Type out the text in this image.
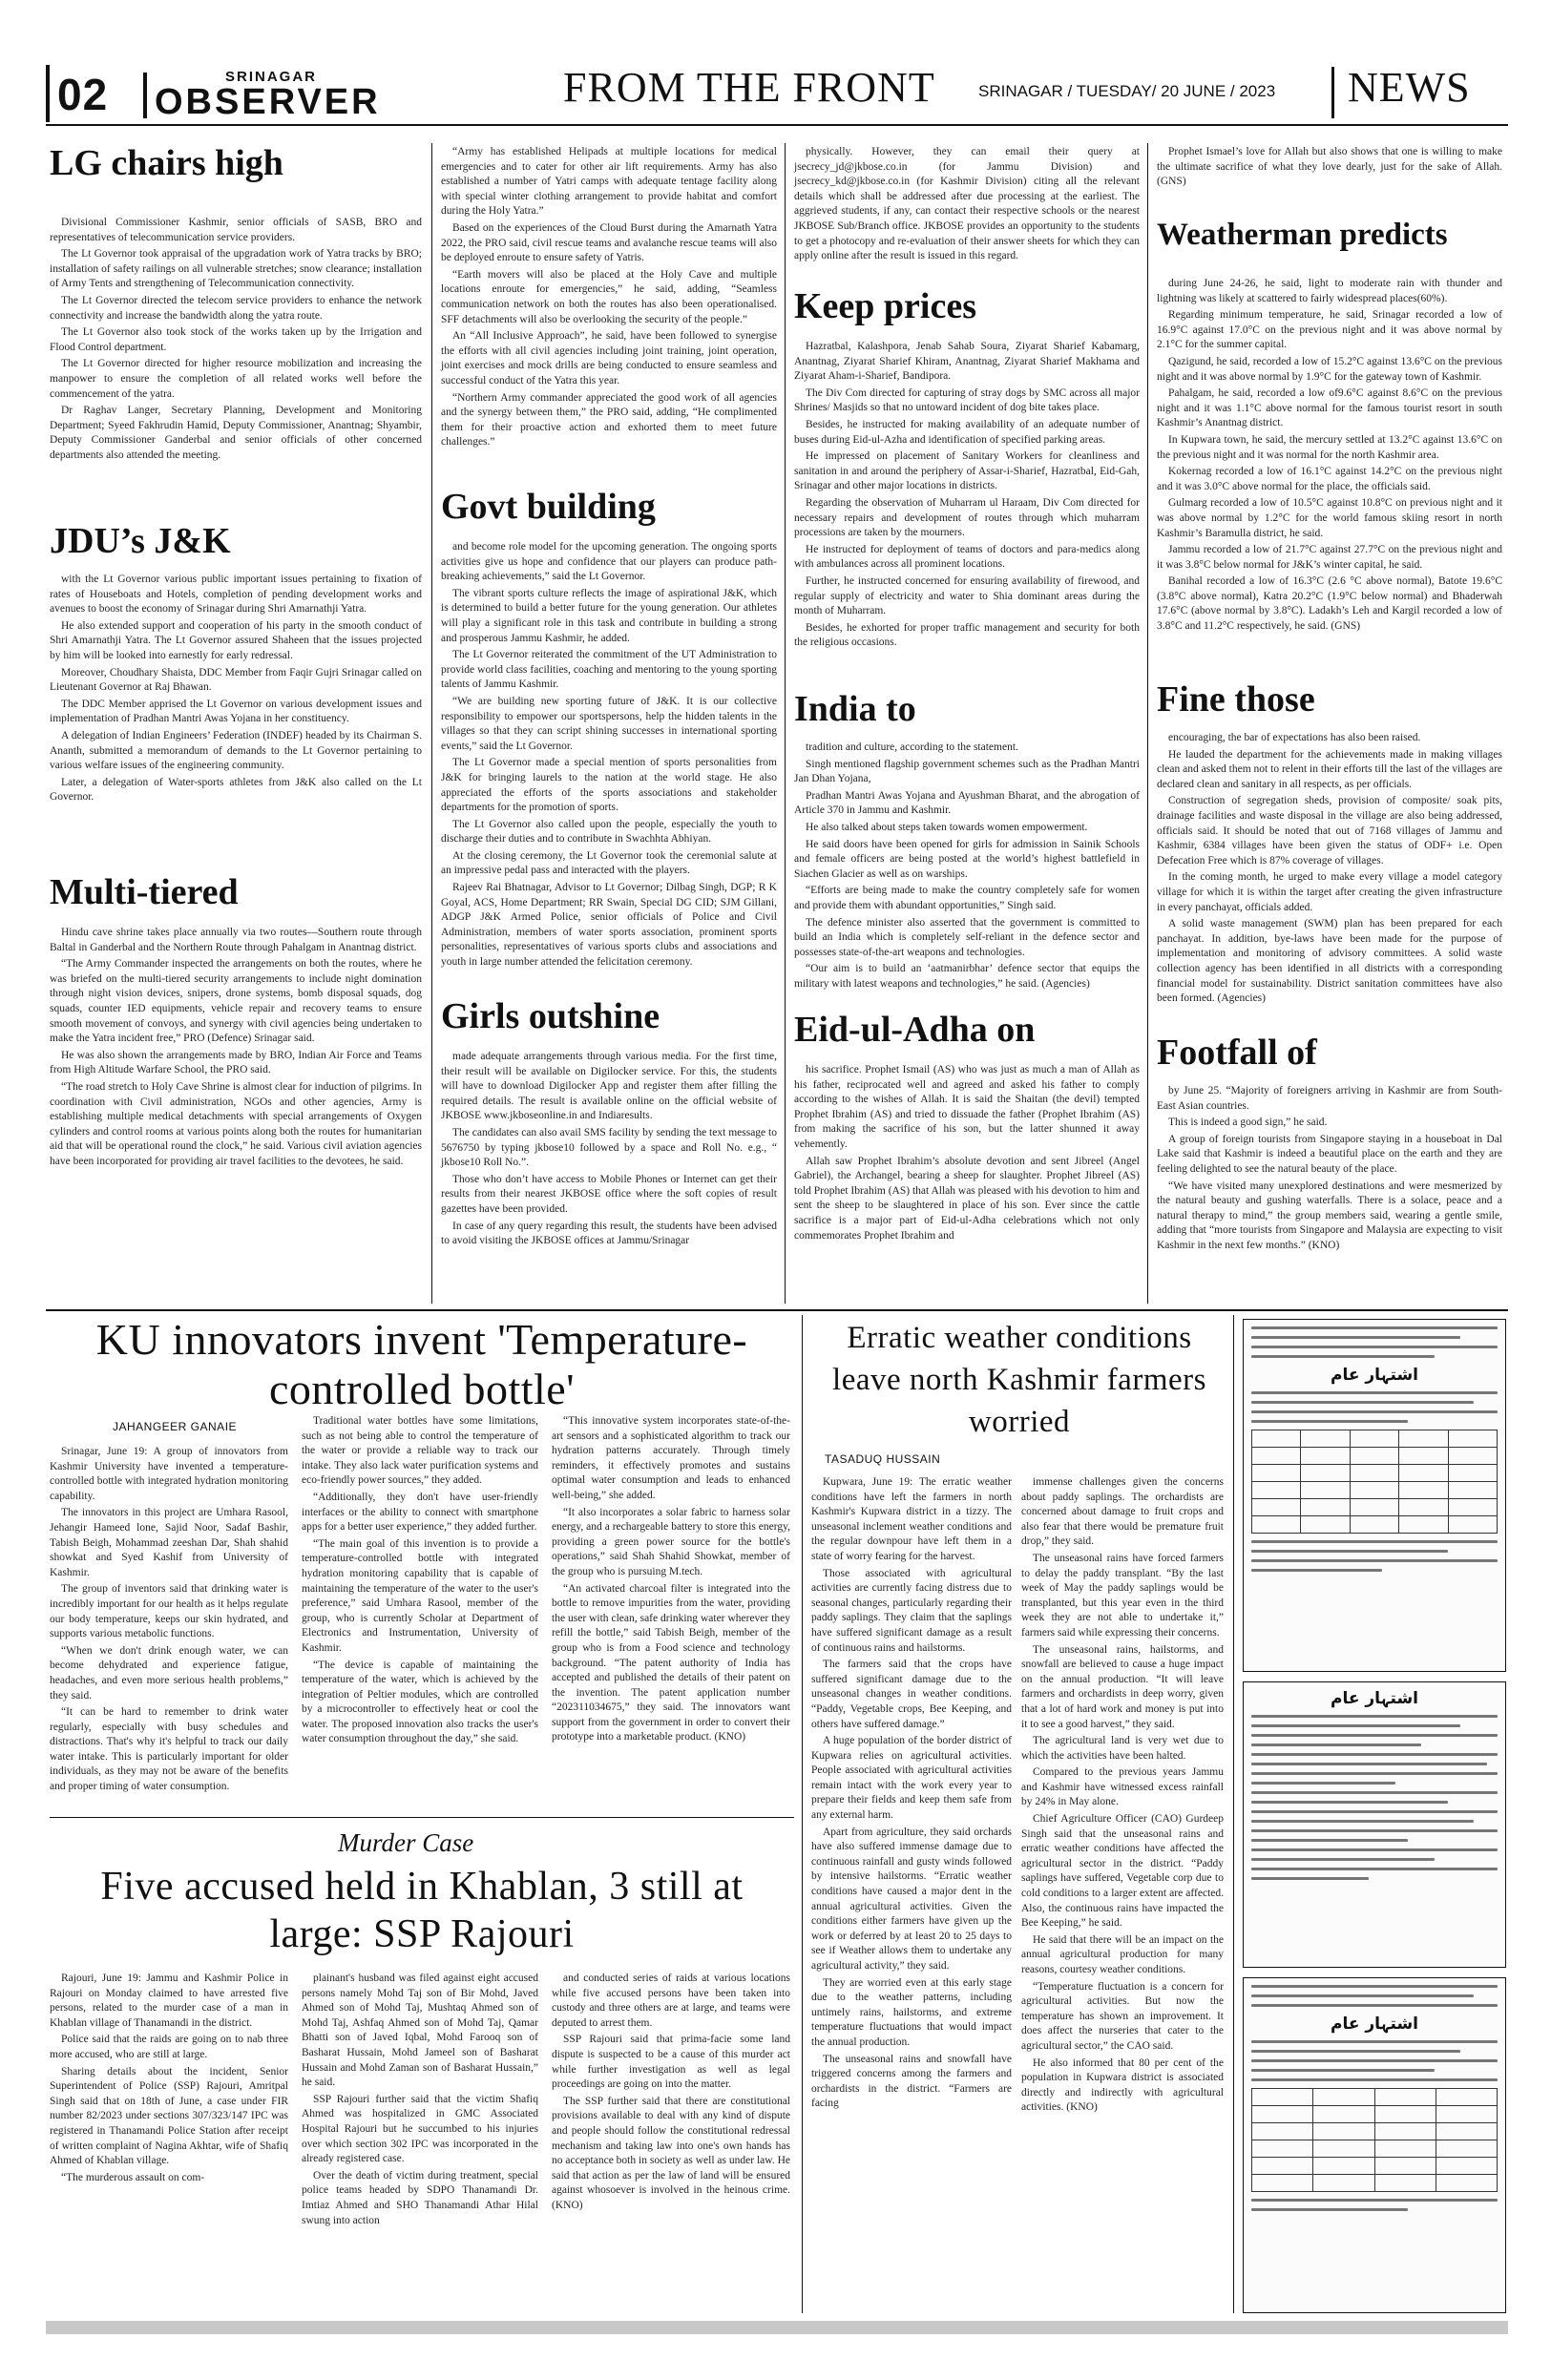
02	SRINAGAR
OBSERVER	FROM THE FRONT	SRINAGAR / TUESDAY/ 20 JUNE / 2023 NEWS
LG chairs high

Divisional Commissioner Kashmir, senior officials of SASB, BRO and representatives of telecommunication service providers.

The Lt Governor took appraisal of the upgradation work of Yatra tracks by BRO; installation of safety railings on all vulnerable stretches; snow clearance; installation of Army Tents and strengthening of Telecommunication connectivity.

The Lt Governor directed the telecom service providers to enhance the network connectivity and increase the bandwidth along the yatra route.

The Lt Governor also took stock of the works taken up by the Irrigation and Flood Control department.

The Lt Governor directed for higher resource mobilization and increasing the manpower to ensure the completion of all related works well before the commencement of the yatra.

Dr Raghav Langer, Secretary Planning, Development and Monitoring Department; Syeed Fakhrudin Hamid, Deputy Commissioner, Anantnag; Shyambir, Deputy Commissioner Ganderbal and senior officials of other concerned departments also attended the meeting.

JDU’s J&K

with the Lt Governor various public important issues pertaining to fixation of rates of Houseboats and Hotels, completion of pending development works and avenues to boost the economy of Srinagar during Shri Amarnathji Yatra.

He also extended support and cooperation of his party in the smooth conduct of Shri Amarnathji Yatra. The Lt Governor assured Shaheen that the issues projected by him will be looked into earnestly for early redressal.

Moreover, Choudhary Shaista, DDC Member from Faqir Gujri Srinagar called on Lieutenant Governor at Raj Bhawan.

The DDC Member apprised the Lt Governor on various development issues and implementation of Pradhan Mantri Awas Yojana in her constituency.

A delegation of Indian Engineers’ Federation (INDEF) headed by its Chairman S. Ananth, submitted a memorandum of demands to the Lt Governor pertaining to various welfare issues of the engineering community.

Later, a delegation of Water-sports athletes from J&K also called on the Lt Governor.

Multi-tiered

Hindu cave shrine takes place annually via two routes—Southern route through Baltal in Ganderbal and the Northern Route through Pahalgam in Anantnag district.

“The Army Commander inspected the arrangements on both the routes, where he was briefed on the multi-tiered security arrangements to include night domination through night vision devices, snipers, drone systems, bomb disposal squads, dog squads, counter IED equipments, vehicle repair and recovery teams to ensure smooth movement of convoys, and synergy with civil agencies being undertaken to make the Yatra incident free,” PRO (Defence) Srinagar said.

He was also shown the arrangements made by BRO, Indian Air Force and Teams from High Altitude Warfare School, the PRO said.

“The road stretch to Holy Cave Shrine is almost clear for induction of pilgrims. In coordination with Civil administration, NGOs and other agencies, Army is establishing multiple medical detachments with special arrangements of Oxygen cylinders and control rooms at various points along both the routes for humanitarian aid that will be operational round the clock,” he said. Various civil aviation agencies have been incorporated for providing air travel facilities to the devotees, he said.

“Army has established Helipads at multiple locations for medical emergencies and to cater for other air lift requirements. Army has also established a number of Yatri camps with adequate tentage facility along with special winter clothing arrangement to provide habitat and comfort during the Holy Yatra.”

Based on the experiences of the Cloud Burst during the Amarnath Yatra 2022, the PRO said, civil rescue teams and avalanche rescue teams will also be deployed enroute to ensure safety of Yatris.

“Earth movers will also be placed at the Holy Cave and multiple locations enroute for emergencies,” he said, adding, “Seamless communication network on both the routes has also been operationalised. SFF detachments will also be overlooking the security of the people.”

An “All Inclusive Approach”, he said, have been followed to synergise the efforts with all civil agencies including joint training, joint operation, joint exercises and mock drills are being conducted to ensure seamless and successful conduct of the Yatra this year.

“Northern Army commander appreciated the good work of all agencies and the synergy between them,” the PRO said, adding, “He complimented them for their proactive action and exhorted them to meet future challenges.”

Govt building

and become role model for the upcoming generation. The ongoing sports activities give us hope and confidence that our players can produce path-breaking achievements,” said the Lt Governor.

The vibrant sports culture reflects the image of aspirational J&K, which is determined to build a better future for the young generation. Our athletes will play a significant role in this task and contribute in building a strong and prosperous Jammu Kashmir, he added.

The Lt Governor reiterated the commitment of the UT Administration to provide world class facilities, coaching and mentoring to the young sporting talents of Jammu Kashmir.

“We are building new sporting future of J&K. It is our collective responsibility to empower our sportspersons, help the hidden talents in the villages so that they can script shining successes in international sporting events,” said the Lt Governor.

The Lt Governor made a special mention of sports personalities from J&K for bringing laurels to the nation at the world stage. He also appreciated the efforts of the sports associations and stakeholder departments for the promotion of sports.

The Lt Governor also called upon the people, especially the youth to discharge their duties and to contribute in Swachhta Abhiyan.

At the closing ceremony, the Lt Governor took the ceremonial salute at an impressive pedal pass and interacted with the players.

Rajeev Rai Bhatnagar, Advisor to Lt Governor; Dilbag Singh, DGP; R K Goyal, ACS, Home Department; RR Swain, Special DG CID; SJM Gillani, ADGP J&K Armed Police, senior officials of Police and Civil Administration, members of water sports association, prominent sports personalities, representatives of various sports clubs and associations and youth in large number attended the felicitation ceremony.

Girls outshine

made adequate arrangements through various media. For the first time, their result will be available on Digilocker service. For this, the students will have to download Digilocker App and register them after filling the required details. The result is available online on the official website of JKBOSE www.jkboseonline.in and Indiaresults.

The candidates can also avail SMS facility by sending the text message to 5676750 by typing jkbose10 followed by a space and Roll No. e.g., “ jkbose10 Roll No.”.

Those who don’t have access to Mobile Phones or Internet can get their results from their nearest JKBOSE office where the soft copies of result gazettes have been provided.

In case of any query regarding this result, the students have been advised to avoid visiting the JKBOSE offices at Jammu/Srinagar

physically. However, they can email their query at jsecrecy_jd@jkbose.co.in (for Jammu Division) and jsecrecy_kd@jkbose.co.in (for Kashmir Division) citing all the relevant details which shall be addressed after due processing at the earliest. The aggrieved students, if any, can contact their respective schools or the nearest JKBOSE Sub/Branch office. JKBOSE provides an opportunity to the students to get a photocopy and re-evaluation of their answer sheets for which they can apply online after the result is issued in this regard.

Keep prices

Hazratbal, Kalashpora, Jenab Sahab Soura, Ziyarat Sharief Kabamarg, Anantnag, Ziyarat Sharief Khiram, Anantnag, Ziyarat Sharief Makhama and Ziyarat Aham-i-Sharief, Bandipora.

The Div Com directed for capturing of stray dogs by SMC across all major Shrines/ Masjids so that no untoward incident of dog bite takes place.

Besides, he instructed for making availability of an adequate number of buses during Eid-ul-Azha and identification of specified parking areas.

He impressed on placement of Sanitary Workers for cleanliness and sanitation in and around the periphery of Assar-i-Sharief, Hazratbal, Eid-Gah, Srinagar and other major locations in districts.

Regarding the observation of Muharram ul Haraam, Div Com directed for necessary repairs and development of routes through which muharram processions are taken by the mourners.

He instructed for deployment of teams of doctors and para-medics along with ambulances across all prominent locations.

Further, he instructed concerned for ensuring availability of firewood, and regular supply of electricity and water to Shia dominant areas during the month of Muharram.

Besides, he exhorted for proper traffic management and security for both the religious occasions.

India to

tradition and culture, according to the statement.

Singh mentioned flagship government schemes such as the Pradhan Mantri Jan Dhan Yojana,

Pradhan Mantri Awas Yojana and Ayushman Bharat, and the abrogation of Article 370 in Jammu and Kashmir.

He also talked about steps taken towards women empowerment.

He said doors have been opened for girls for admission in Sainik Schools and female officers are being posted at the world’s highest battlefield in Siachen Glacier as well as on warships.

“Efforts are being made to make the country completely safe for women and provide them with abundant opportunities,” Singh said.

The defence minister also asserted that the government is committed to build an India which is completely self-reliant in the defence sector and possesses state-of-the-art weapons and technologies.

“Our aim is to build an ‘aatmanirbhar’ defence sector that equips the military with latest weapons and technologies,” he said. (Agencies)

Eid-ul-Adha on

his sacrifice. Prophet Ismail (AS) who was just as much a man of Allah as his father, reciprocated well and agreed and asked his father to comply according to the wishes of Allah. It is said the Shaitan (the devil) tempted Prophet Ibrahim (AS) and tried to dissuade the father (Prophet Ibrahim (AS) from making the sacrifice of his son, but the latter shunned it away vehemently.

Allah saw Prophet Ibrahim’s absolute devotion and sent Jibreel (Angel Gabriel), the Archangel, bearing a sheep for slaughter. Prophet Jibreel (AS) told Prophet Ibrahim (AS) that Allah was pleased with his devotion to him and sent the sheep to be slaughtered in place of his son. Ever since the cattle sacrifice is a major part of Eid-ul-Adha celebrations which not only commemorates Prophet Ibrahim and

Prophet Ismael’s love for Allah but also shows that one is willing to make the ultimate sacrifice of what they love dearly, just for the sake of Allah. (GNS)

Weatherman predicts

during June 24-26, he said, light to moderate rain with thunder and lightning was likely at scattered to fairly widespread places(60%).

Regarding minimum temperature, he said, Srinagar recorded a low of 16.9°C against 17.0°C on the previous night and it was above normal by 2.1°C for the summer capital.

Qazigund, he said, recorded a low of 15.2°C against 13.6°C on the previous night and it was above normal by 1.9°C for the gateway town of Kashmir.

Pahalgam, he said, recorded a low of9.6°C against 8.6°C on the previous night and it was 1.1°C above normal for the famous tourist resort in south Kashmir’s Anantnag district.

In Kupwara town, he said, the mercury settled at 13.2°C against 13.6°C on the previous night and it was normal for the north Kashmir area.

Kokernag recorded a low of 16.1°C against 14.2°C on the previous night and it was 3.0°C above normal for the place, the officials said.

Gulmarg recorded a low of 10.5°C against 10.8°C on previous night and it was above normal by 1.2°C for the world famous skiing resort in north Kashmir’s Baramulla district, he said.

Jammu recorded a low of 21.7°C against 27.7°C on the previous night and it was 3.8°C below normal for J&K’s winter capital, he said.

Banihal recorded a low of 16.3°C (2.6 °C above normal), Batote 19.6°C (3.8°C above normal), Katra 20.2°C (1.9°C below normal) and Bhaderwah 17.6°C (above normal by 3.8°C). Ladakh’s Leh and Kargil recorded a low of 3.8°C and 11.2°C respectively, he said. (GNS)

Fine those

encouraging, the bar of expectations has also been raised.

He lauded the department for the achievements made in making villages clean and asked them not to relent in their efforts till the last of the villages are declared clean and sanitary in all respects, as per officials.

Construction of segregation sheds, provision of composite/ soak pits, drainage facilities and waste disposal in the village are also being addressed, officials said. It should be noted that out of 7168 villages of Jammu and Kashmir, 6384 villages have been given the status of ODF+ i.e. Open Defecation Free which is 87% coverage of villages.

In the coming month, he urged to make every village a model category village for which it is within the target after creating the given infrastructure in every panchayat, officials added.

A solid waste management (SWM) plan has been prepared for each panchayat. In addition, bye-laws have been made for the purpose of implementation and monitoring of advisory committees. A solid waste collection agency has been identified in all districts with a corresponding financial model for sustainability. District sanitation committees have also been formed. (Agencies)

Footfall of

by June 25. “Majority of foreigners arriving in Kashmir are from South-East Asian countries.

This is indeed a good sign,” he said.

A group of foreign tourists from Singapore staying in a houseboat in Dal Lake said that Kashmir is indeed a beautiful place on the earth and they are feeling delighted to see the natural beauty of the place.

“We have visited many unexplored destinations and were mesmerized by the natural beauty and gushing waterfalls. There is a solace, peace and a natural therapy to mind,” the group members said, wearing a gentle smile, adding that “more tourists from Singapore and Malaysia are expecting to visit Kashmir in the next few months.” (KNO)

KU innovators invent 'Temperature-controlled bottle'
JAHANGEER GANAIE

Srinagar, June 19: A group of innovators from Kashmir University have invented a temperature-controlled bottle with integrated hydration monitoring capability.

The innovators in this project are Umhara Rasool, Jehangir Hameed lone, Sajid Noor, Sadaf Bashir, Tabish Beigh, Mohammad zeeshan Dar, Shah shahid showkat and Syed Kashif from University of Kashmir.

The group of inventors said that drinking water is incredibly important for our health as it helps regulate our body temperature, keeps our skin hydrated, and supports various metabolic functions.

“When we don't drink enough water, we can become dehydrated and experience fatigue, headaches, and even more serious health problems,” they said.

“It can be hard to remember to drink water regularly, especially with busy schedules and distractions. That's why it's helpful to track our daily water intake. This is particularly important for older individuals, as they may not be aware of the benefits and proper timing of water consumption.

Traditional water bottles have some limitations, such as not being able to control the temperature of the water or provide a reliable way to track our intake. They also lack water purification systems and eco-friendly power sources,” they added.

“Additionally, they don't have user-friendly interfaces or the ability to connect with smartphone apps for a better user experience,” they added further.

“The main goal of this invention is to provide a temperature-controlled bottle with integrated hydration monitoring capability that is capable of maintaining the temperature of the water to the user's preference,” said Umhara Rasool, member of the group, who is currently Scholar at Department of Electronics and Instrumentation, University of Kashmir.

“The device is capable of maintaining the temperature of the water, which is achieved by the integration of Peltier modules, which are controlled by a microcontroller to effectively heat or cool the water. The proposed innovation also tracks the user's water consumption throughout the day,” she said.

“This innovative system incorporates state-of-the-art sensors and a sophisticated algorithm to track our hydration patterns accurately. Through timely reminders, it effectively promotes and sustains optimal water consumption and leads to enhanced well-being,” she added.

“It also incorporates a solar fabric to harness solar energy, and a rechargeable battery to store this energy, providing a green power source for the bottle's operations,” said Shah Shahid Showkat, member of the group who is pursuing M.tech.

“An activated charcoal filter is integrated into the bottle to remove impurities from the water, providing the user with clean, safe drinking water wherever they refill the bottle,” said Tabish Beigh, member of the group who is from a Food science and technology background. “The patent authority of India has accepted and published the details of their patent on the invention. The patent application number “202311034675,” they said. The innovators want support from the government in order to convert their prototype into a marketable product. (KNO)

Murder Case
Five accused held in Khablan, 3 still at large: SSP Rajouri

Rajouri, June 19: Jammu and Kashmir Police in Rajouri on Monday claimed to have arrested five persons, related to the murder case of a man in Khablan village of Thanamandi in the district.

Police said that the raids are going on to nab three more accused, who are still at large.

Sharing details about the incident, Senior Superintendent of Police (SSP) Rajouri, Amritpal Singh said that on 18th of June, a case under FIR number 82/2023 under sections 307/323/147 IPC was registered in Thanamandi Police Station after receipt of written complaint of Nagina Akhtar, wife of Shafiq Ahmed of Khablan village.

“The murderous assault on com-

plainant's husband was filed against eight accused persons namely Mohd Taj son of Bir Mohd, Javed Ahmed son of Mohd Taj, Mushtaq Ahmed son of Mohd Taj, Ashfaq Ahmed son of Mohd Taj, Qamar Bhatti son of Javed Iqbal, Mohd Farooq son of Basharat Hussain, Mohd Jameel son of Basharat Hussain and Mohd Zaman son of Basharat Hussain,” he said.

SSP Rajouri further said that the victim Shafiq Ahmed was hospitalized in GMC Associated Hospital Rajouri but he succumbed to his injuries over which section 302 IPC was incorporated in the already registered case.

Over the death of victim during treatment, special police teams headed by SDPO Thanamandi Dr. Imtiaz Ahmed and SHO Thanamandi Athar Hilal swung into action

and conducted series of raids at various locations while five accused persons have been taken into custody and three others are at large, and teams were deputed to arrest them.

SSP Rajouri said that prima-facie some land dispute is suspected to be a cause of this murder act while further investigation as well as legal proceedings are going on into the matter.

The SSP further said that there are constitutional provisions available to deal with any kind of dispute and people should follow the constitutional redressal mechanism and taking law into one's own hands has no acceptance both in society as well as under law. He said that action as per the law of land will be ensured against whosoever is involved in the heinous crime. (KNO)

Erratic weather conditions leave north Kashmir farmers worried
TASADUQ HUSSAIN

Kupwara, June 19: The erratic weather conditions have left the farmers in north Kashmir's Kupwara district in a tizzy. The unseasonal inclement weather conditions and the regular downpour have left them in a state of worry fearing for the harvest.

Those associated with agricultural activities are currently facing distress due to seasonal changes, particularly regarding their paddy saplings. They claim that the saplings have suffered significant damage as a result of continuous rains and hailstorms.

The farmers said that the crops have suffered significant damage due to the unseasonal changes in weather conditions. “Paddy, Vegetable crops, Bee Keeping, and others have suffered damage.”

A huge population of the border district of Kupwara relies on agricultural activities. People associated with agricultural activities remain intact with the work every year to prepare their fields and keep them safe from any external harm.

Apart from agriculture, they said orchards have also suffered immense damage due to continuous rainfall and gusty winds followed by intensive hailstorms. “Erratic weather conditions have caused a major dent in the annual agricultural activities. Given the conditions either farmers have given up the work or deferred by at least 20 to 25 days to see if Weather allows them to undertake any agricultural activity,” they said.

They are worried even at this early stage due to the weather patterns, including untimely rains, hailstorms, and extreme temperature fluctuations that would impact the annual production.

The unseasonal rains and snowfall have triggered concerns among the farmers and orchardists in the district. “Farmers are facing

immense challenges given the concerns about paddy saplings. The orchardists are concerned about damage to fruit crops and also fear that there would be premature fruit drop,” they said.

The unseasonal rains have forced farmers to delay the paddy transplant. “By the last week of May the paddy saplings would be transplanted, but this year even in the third week they are not able to undertake it,” farmers said while expressing their concerns.

The unseasonal rains, hailstorms, and snowfall are believed to cause a huge impact on the annual production. “It will leave farmers and orchardists in deep worry, given that a lot of hard work and money is put into it to see a good harvest,” they said.

The agricultural land is very wet due to which the activities have been halted.

Compared to the previous years Jammu and Kashmir have witnessed excess rainfall by 24% in May alone.

Chief Agriculture Officer (CAO) Gurdeep Singh said that the unseasonal rains and erratic weather conditions have affected the agricultural sector in the district. “Paddy saplings have suffered, Vegetable corp due to cold conditions to a larger extent are affected. Also, the continuous rains have impacted the Bee Keeping,” he said.

He said that there will be an impact on the annual agricultural production for many reasons, courtesy weather conditions.

“Temperature fluctuation is a concern for agricultural activities. But now the temperature has shown an improvement. It does affect the nurseries that cater to the agricultural sector,” the CAO said.

He also informed that 80 per cent of the population in Kupwara district is associated directly and indirectly with agricultural activities. (KNO)

اشتہار عام

اشتہار عام
اشتہار عام
